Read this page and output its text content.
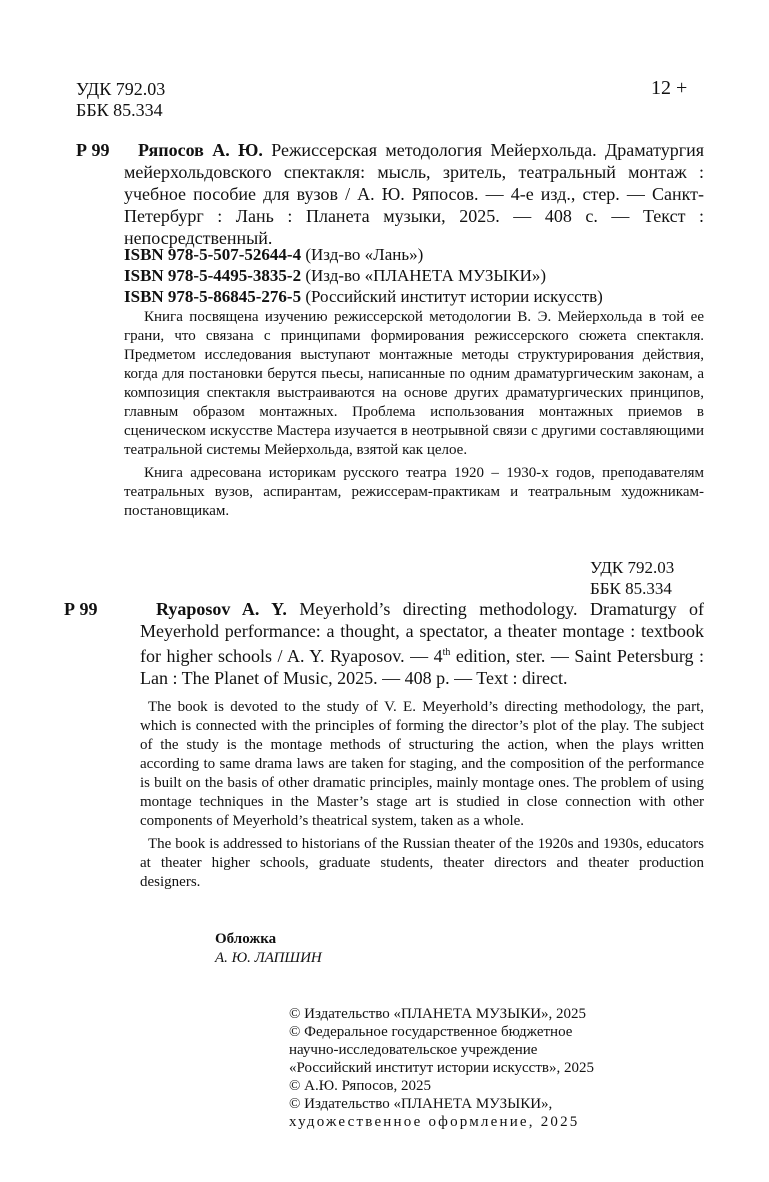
УДК 792.03
ББК 85.334
12 +
Р 99	Ряпосов А. Ю. Режиссерская методология Мейерхольда. Драматургия мейерхольдовского спектакля: мысль, зритель, театральный монтаж : учебное пособие для вузов / А. Ю. Ряпосов. — 4-е изд., стер. — Санкт-Петербург : Лань : Планета музыки, 2025. — 408 с. — Текст : непосредственный.
ISBN 978-5-507-52644-4 (Изд-во «Лань»)
ISBN 978-5-4495-3835-2 (Изд-во «ПЛАНЕТА МУЗЫКИ»)
ISBN 978-5-86845-276-5 (Российский институт истории искусств)

Книга посвящена изучению режиссерской методологии В. Э. Мейерхольда в той ее грани, что связана с принципами формирования режиссерского сюжета спектакля. Предметом исследования выступают монтажные методы структурирования действия, когда для постановки берутся пьесы, написанные по одним драматургическим законам, а композиция спектакля выстраиваются на основе других драматургических принципов, главным образом монтажных. Проблема использования монтажных приемов в сценическом искусстве Мастера изучается в неотрывной связи с другими составляющими театральной системы Мейерхольда, взятой как целое.

Книга адресована историкам русского театра 1920 – 1930-х годов, преподавателям театральных вузов, аспирантам, режиссерам-практикам и театральным художникам-постановщикам.

УДК 792.03
ББК 85.334
Р 99	Ryaposov A. Y. Meyerhold’s directing methodology. Dramaturgy of Meyerhold performance: a thought, a spectator, a theater montage : textbook for higher schools / A. Y. Ryaposov. — 4th edition, ster. — Saint Petersburg : Lan : The Planet of Music, 2025. — 408 p. — Text : direct.

The book is devoted to the study of V. E. Meyerhold’s directing methodology, the part, which is connected with the principles of forming the director’s plot of the play. The subject of the study is the montage methods of structuring the action, when the plays written according to same drama laws are taken for staging, and the composition of the performance is built on the basis of other dramatic principles, mainly montage ones. The problem of using montage techniques in the Master’s stage art is studied in close connection with other components of Meyerhold’s theatrical system, taken as a whole.

The book is addressed to historians of the Russian theater of the 1920s and 1930s, educators at theater higher schools, graduate students, theater directors and theater production designers.

Обложка
А. Ю. ЛАПШИН
© Издательство «ПЛАНЕТА МУЗЫКИ», 2025
© Федеральное государственное бюджетное
научно-исследовательское учреждение
«Российский институт истории искусств», 2025
© А.Ю. Ряпосов, 2025
© Издательство «ПЛАНЕТА МУЗЫКИ»,
художественное оформление, 2025
